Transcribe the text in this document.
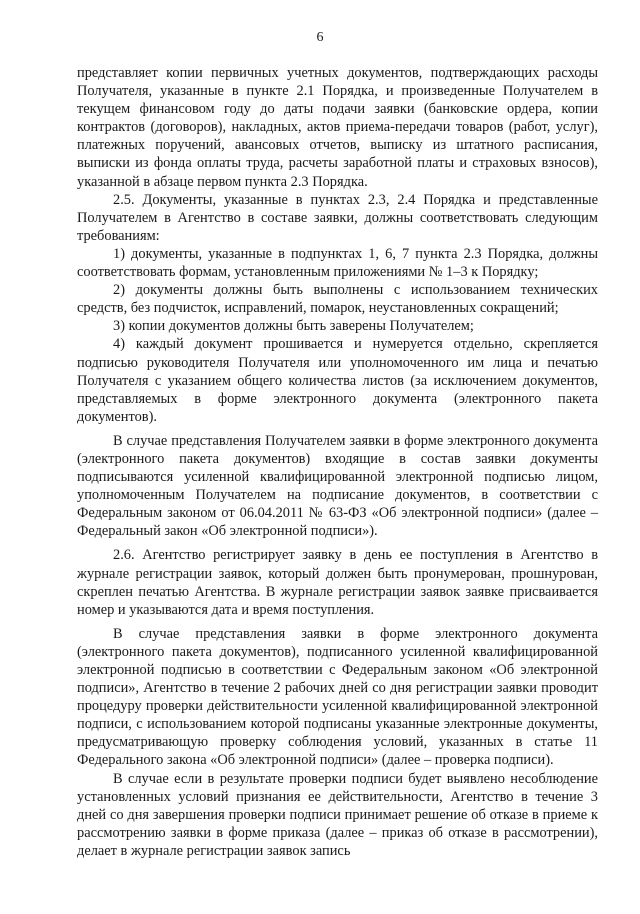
6

представляет копии первичных учетных документов, подтверждающих расходы Получателя, указанные в пункте 2.1 Порядка, и произведенные Получателем в текущем финансовом году до даты подачи заявки (банковские ордера, копии контрактов (договоров), накладных, актов приема-передачи товаров (работ, услуг), платежных поручений, авансовых отчетов, выписку из штатного расписания, выписки из фонда оплаты труда, расчеты заработной платы и страховых взносов), указанной в абзаце первом пункта 2.3 Порядка.

2.5. Документы, указанные в пунктах 2.3, 2.4 Порядка и представленные Получателем в Агентство в составе заявки, должны соответствовать следующим требованиям:

1) документы, указанные в подпунктах 1, 6, 7 пункта 2.3 Порядка, должны соответствовать формам, установленным приложениями № 1–3 к Порядку;

2) документы должны быть выполнены с использованием технических средств, без подчисток, исправлений, помарок, неустановленных сокращений;

3) копии документов должны быть заверены Получателем;

4) каждый документ прошивается и нумеруется отдельно, скрепляется подписью руководителя Получателя или уполномоченного им лица и печатью Получателя с указанием общего количества листов (за исключением документов, представляемых в форме электронного документа (электронного пакета документов).

В случае представления Получателем заявки в форме электронного документа (электронного пакета документов) входящие в состав заявки документы подписываются усиленной квалифицированной электронной подписью лицом, уполномоченным Получателем на подписание документов, в соответствии с Федеральным законом от 06.04.2011 № 63-ФЗ «Об электронной подписи» (далее – Федеральный закон «Об электронной подписи»).

2.6. Агентство регистрирует заявку в день ее поступления в Агентство в журнале регистрации заявок, который должен быть пронумерован, прошнурован, скреплен печатью Агентства. В журнале регистрации заявок заявке присваивается номер и указываются дата и время поступления.

В случае представления заявки в форме электронного документа (электронного пакета документов), подписанного усиленной квалифицированной электронной подписью в соответствии с Федеральным законом «Об электронной подписи», Агентство в течение 2 рабочих дней со дня регистрации заявки проводит процедуру проверки действительности усиленной квалифицированной электронной подписи, с использованием которой подписаны указанные электронные документы, предусматривающую проверку соблюдения условий, указанных в статье 11 Федерального закона «Об электронной подписи» (далее – проверка подписи).

В случае если в результате проверки подписи будет выявлено несоблюдение установленных условий признания ее действительности, Агентство в течение 3 дней со дня завершения проверки подписи принимает решение об отказе в приеме к рассмотрению заявки в форме приказа (далее – приказ об отказе в рассмотрении), делает в журнале регистрации заявок запись
